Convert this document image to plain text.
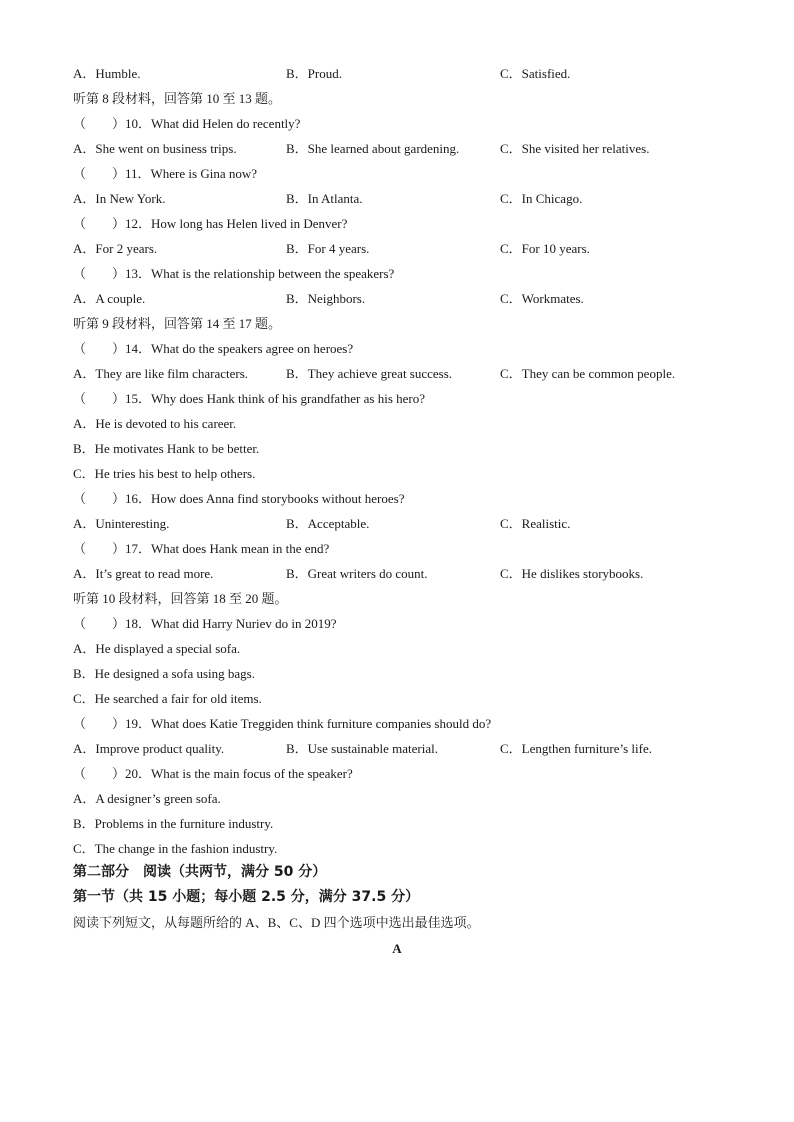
A．Humble.	B．Proud.	C．Satisfied.
听第 8 段材料，回答第 10 至 13 题。
（　　）10．What did Helen do recently?
A．She went on business trips.	B．She learned about gardening.	C．She visited her relatives.
（　　）11．Where is Gina now?
A．In New York.	B．In Atlanta.	C．In Chicago.
（　　）12．How long has Helen lived in Denver?
A．For 2 years.	B．For 4 years.	C．For 10 years.
（　　）13．What is the relationship between the speakers?
A．A couple.	B．Neighbors.	C．Workmates.
听第 9 段材料，回答第 14 至 17 题。
（　　）14．What do the speakers agree on heroes?
A．They are like film characters.	B．They achieve great success.	C．They can be common people.
（　　）15．Why does Hank think of his grandfather as his hero?
A．He is devoted to his career.
B．He motivates Hank to be better.
C．He tries his best to help others.
（　　）16．How does Anna find storybooks without heroes?
A．Uninteresting.	B．Acceptable.	C．Realistic.
（　　）17．What does Hank mean in the end?
A．It’s great to read more.	B．Great writers do count.	C．He dislikes storybooks.
听第 10 段材料，回答第 18 至 20 题。
（　　）18．What did Harry Nuriev do in 2019?
A．He displayed a special sofa.
B．He designed a sofa using bags.
C．He searched a fair for old items.
（　　）19．What does Katie Treggiden think furniture companies should do?
A．Improve product quality.	B．Use sustainable material.	C．Lengthen furniture’s life.
（　　）20．What is the main focus of the speaker?
A．A designer’s green sofa.
B．Problems in the furniture industry.
C．The change in the fashion industry.
第二部分　阅读（共两节，满分 50 分）
第一节（共 15 小题；每小题 2.5 分，满分 37.5 分）
阅读下列短文，从每题所给的 A、B、C、D 四个选项中选出最佳选项。
A
